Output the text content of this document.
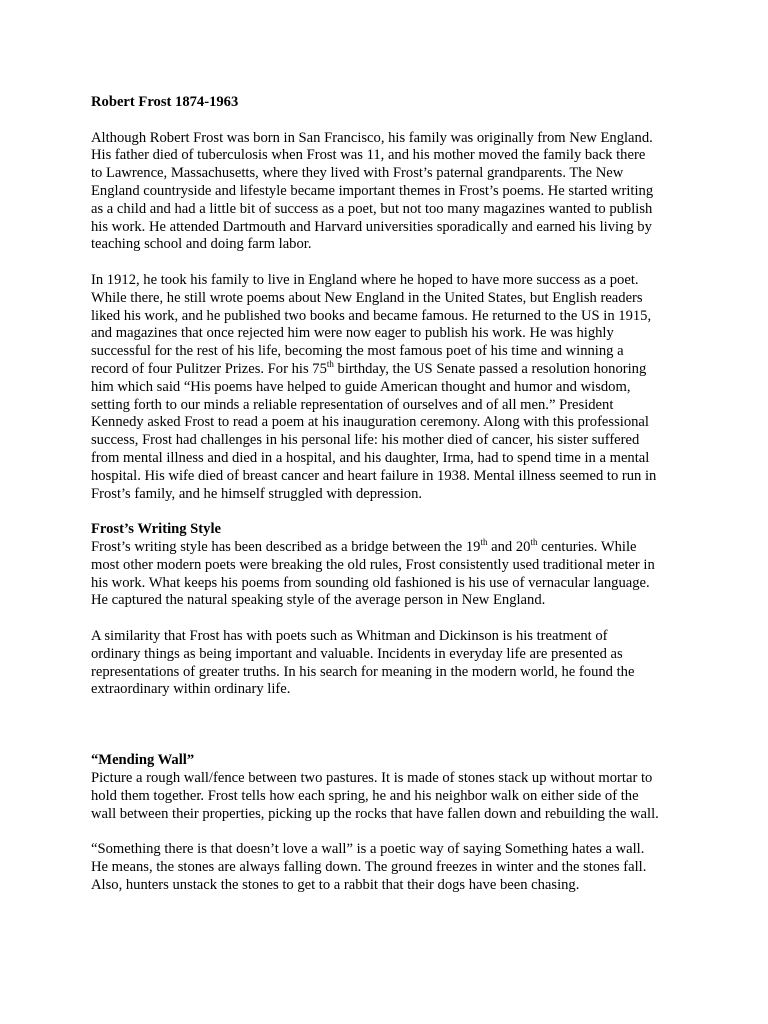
Robert Frost 1874-1963

Although Robert Frost was born in San Francisco, his family was originally from New England.

His father died of tuberculosis when Frost was 11, and his mother moved the family back there

to Lawrence, Massachusetts, where they lived with Frost’s paternal grandparents. The New

England countryside and lifestyle became important themes in Frost’s poems. He started writing

as a child and had a little bit of success as a poet, but not too many magazines wanted to publish

his work. He attended Dartmouth and Harvard universities sporadically and earned his living by

teaching school and doing farm labor.

In 1912, he took his family to live in England where he hoped to have more success as a poet.

While there, he still wrote poems about New England in the United States, but English readers

liked his work, and he published two books and became famous. He returned to the US in 1915,

and magazines that once rejected him were now eager to publish his work. He was highly

successful for the rest of his life, becoming the most famous poet of his time and winning a

record of four Pulitzer Prizes. For his 75th birthday, the US Senate passed a resolution honoring

him which said “His poems have helped to guide American thought and humor and wisdom,

setting forth to our minds a reliable representation of ourselves and of all men.” President

Kennedy asked Frost to read a poem at his inauguration ceremony. Along with this professional

success, Frost had challenges in his personal life: his mother died of cancer, his sister suffered

from mental illness and died in a hospital, and his daughter, Irma, had to spend time in a mental

hospital. His wife died of breast cancer and heart failure in 1938. Mental illness seemed to run in

Frost’s family, and he himself struggled with depression.

Frost’s Writing Style

Frost’s writing style has been described as a bridge between the 19th and 20th centuries. While

most other modern poets were breaking the old rules, Frost consistently used traditional meter in

his work. What keeps his poems from sounding old fashioned is his use of vernacular language.

He captured the natural speaking style of the average person in New England.

A similarity that Frost has with poets such as Whitman and Dickinson is his treatment of

ordinary things as being important and valuable. Incidents in everyday life are presented as

representations of greater truths. In his search for meaning in the modern world, he found the

extraordinary within ordinary life.

“Mending Wall”

Picture a rough wall/fence between two pastures. It is made of stones stack up without mortar to

hold them together. Frost tells how each spring, he and his neighbor walk on either side of the

wall between their properties, picking up the rocks that have fallen down and rebuilding the wall.

“Something there is that doesn’t love a wall” is a poetic way of saying Something hates a wall.

He means, the stones are always falling down. The ground freezes in winter and the stones fall.

Also, hunters unstack the stones to get to a rabbit that their dogs have been chasing.
